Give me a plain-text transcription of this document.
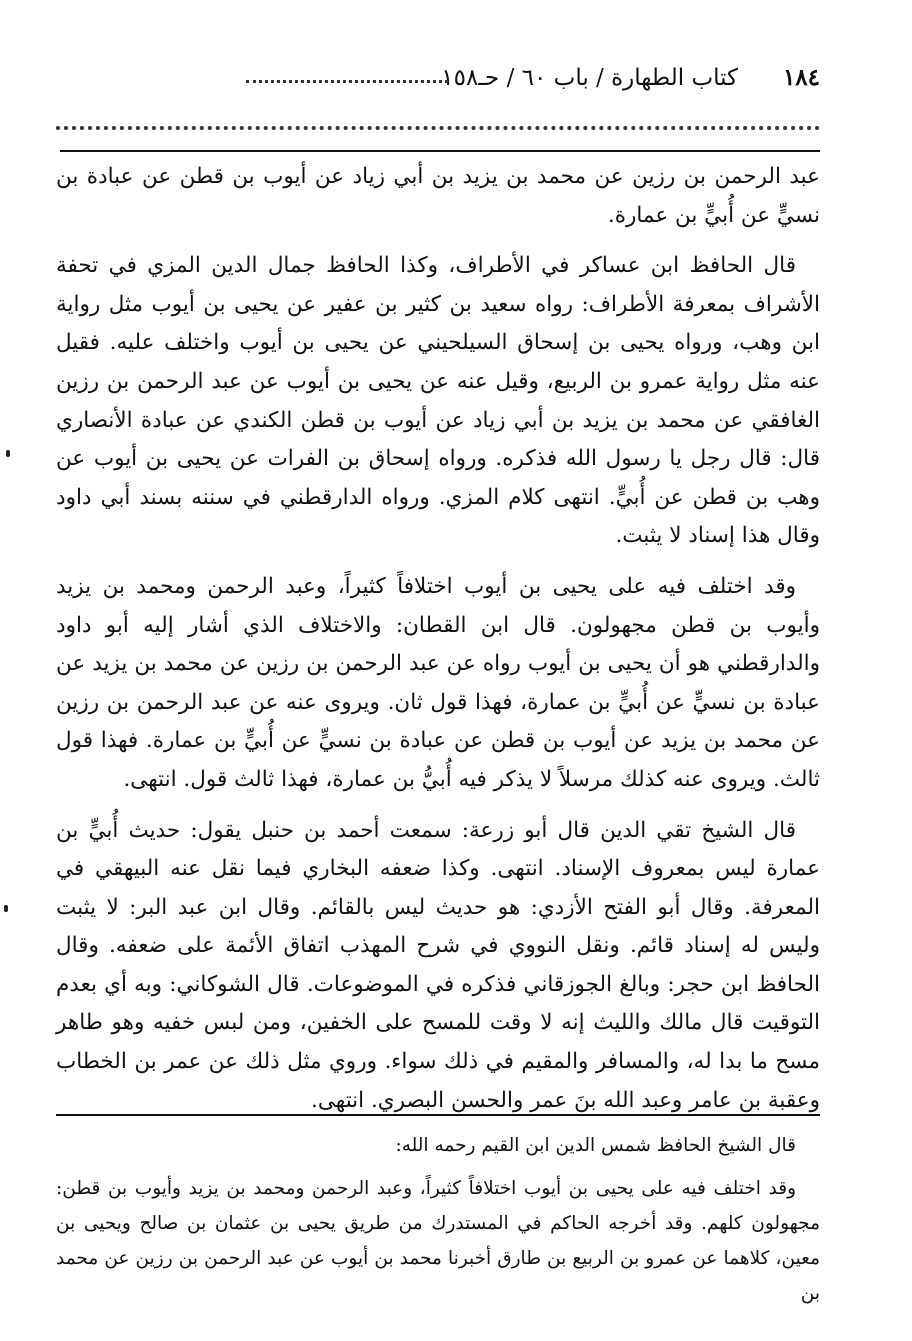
١٨٤
كتاب الطهارة / باب ٦٠ / حـ١٥٨

عبد الرحمن بن رزين عن محمد بن يزيد بن أبي زياد عن أيوب بن قطن عن عبادة بن نسيٍّ عن أُبيٍّ بن عمارة.

قال الحافظ ابن عساكر في الأطراف، وكذا الحافظ جمال الدين المزي في تحفة الأشراف بمعرفة الأطراف: رواه سعيد بن كثير بن عفير عن يحيى بن أيوب مثل رواية ابن وهب، ورواه يحيى بن إسحاق السيلحيني عن يحيى بن أيوب واختلف عليه. فقيل عنه مثل رواية عمرو بن الربيع، وقيل عنه عن يحيى بن أيوب عن عبد الرحمن بن رزين الغافقي عن محمد بن يزيد بن أبي زياد عن أيوب بن قطن الكندي عن عبادة الأنصاري قال: قال رجل يا رسول الله فذكره. ورواه إسحاق بن الفرات عن يحيى بن أيوب عن وهب بن قطن عن أُبيٍّ. انتهى كلام المزي. ورواه الدارقطني في سننه بسند أبي داود وقال هذا إسناد لا يثبت.

وقد اختلف فيه على يحيى بن أيوب اختلافاً كثيراً، وعبد الرحمن ومحمد بن يزيد وأيوب بن قطن مجهولون. قال ابن القطان: والاختلاف الذي أشار إليه أبو داود والدارقطني هو أن يحيى بن أيوب رواه عن عبد الرحمن بن رزين عن محمد بن يزيد عن عبادة بن نسيٍّ عن أُبيٍّ بن عمارة، فهذا قول ثان. ويروى عنه عن عبد الرحمن بن رزين عن محمد بن يزيد عن أيوب بن قطن عن عبادة بن نسيٍّ عن أُبيٍّ بن عمارة. فهذا قول ثالث. ويروى عنه كذلك مرسلاً لا يذكر فيه أُبيُّ بن عمارة، فهذا ثالث قول. انتهى.

قال الشيخ تقي الدين قال أبو زرعة: سمعت أحمد بن حنبل يقول: حديث أُبيٍّ بن عمارة ليس بمعروف الإسناد. انتهى. وكذا ضعفه البخاري فيما نقل عنه البيهقي في المعرفة. وقال أبو الفتح الأزدي: هو حديث ليس بالقائم. وقال ابن عبد البر: لا يثبت وليس له إسناد قائم. ونقل النووي في شرح المهذب اتفاق الأئمة على ضعفه. وقال الحافظ ابن حجر: وبالغ الجوزقاني فذكره في الموضوعات. قال الشوكاني: وبه أي بعدم التوقيت قال مالك والليث إنه لا وقت للمسح على الخفين، ومن لبس خفيه وهو طاهر مسح ما بدا له، والمسافر والمقيم في ذلك سواء. وروي مثل ذلك عن عمر بن الخطاب وعقبة بن عامر وعبد الله بنَ عمر والحسن البصري. انتهى.

قال الشيخ الحافظ شمس الدين ابن القيم رحمه الله:

وقد اختلف فيه على يحيى بن أيوب اختلافاً كثيراً، وعبد الرحمن ومحمد بن يزيد وأيوب بن قطن: مجهولون كلهم. وقد أخرجه الحاكم في المستدرك من طريق يحيى بن عثمان بن صالح ويحيى بن معين، كلاهما عن عمرو بن الربيع بن طارق أخبرنا محمد بن أيوب عن عبد الرحمن بن رزين عن محمد بن
